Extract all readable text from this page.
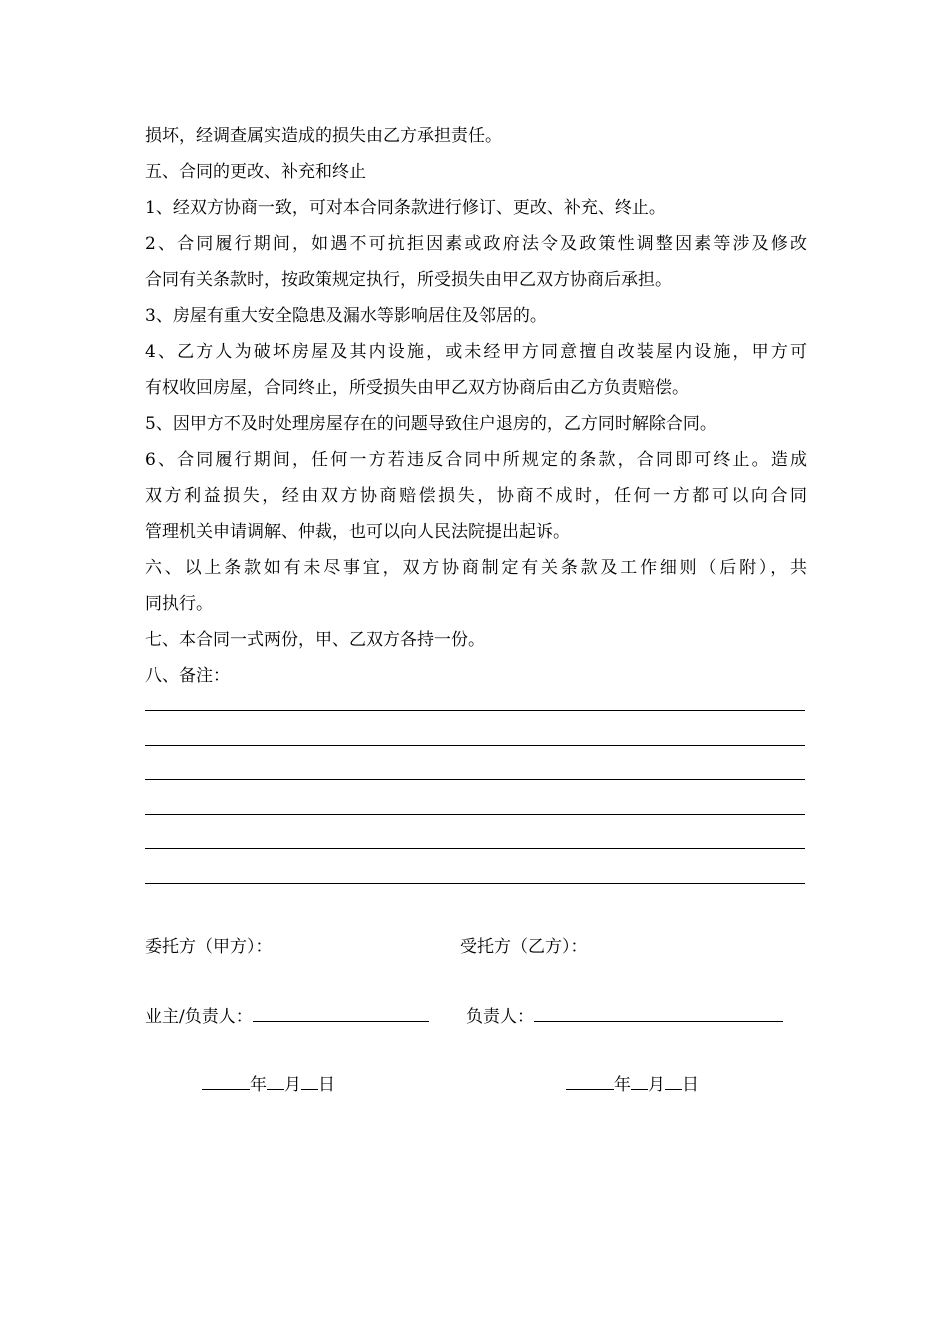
损坏，经调查属实造成的损失由乙方承担责任。
五、合同的更改、补充和终止
1、经双方协商一致，可对本合同条款进行修订、更改、补充、终止。
2、合同履行期间，如遇不可抗拒因素或政府法令及政策性调整因素等涉及修改
合同有关条款时，按政策规定执行，所受损失由甲乙双方协商后承担。
3、房屋有重大安全隐患及漏水等影响居住及邻居的。
4、乙方人为破坏房屋及其内设施，或未经甲方同意擅自改装屋内设施，甲方可
有权收回房屋，合同终止，所受损失由甲乙双方协商后由乙方负责赔偿。
5、因甲方不及时处理房屋存在的问题导致住户退房的，乙方同时解除合同。
6、合同履行期间，任何一方若违反合同中所规定的条款，合同即可终止。造成
双方利益损失，经由双方协商赔偿损失，协商不成时，任何一方都可以向合同
管理机关申请调解、仲裁，也可以向人民法院提出起诉。
六、以上条款如有未尽事宜，双方协商制定有关条款及工作细则（后附），共
同执行。
七、本合同一式两份，甲、乙双方各持一份。
八、备注：
委托方（甲方）：	受托方（乙方）：
业主/负责人：	负责人：
年 月 日	年 月 日
